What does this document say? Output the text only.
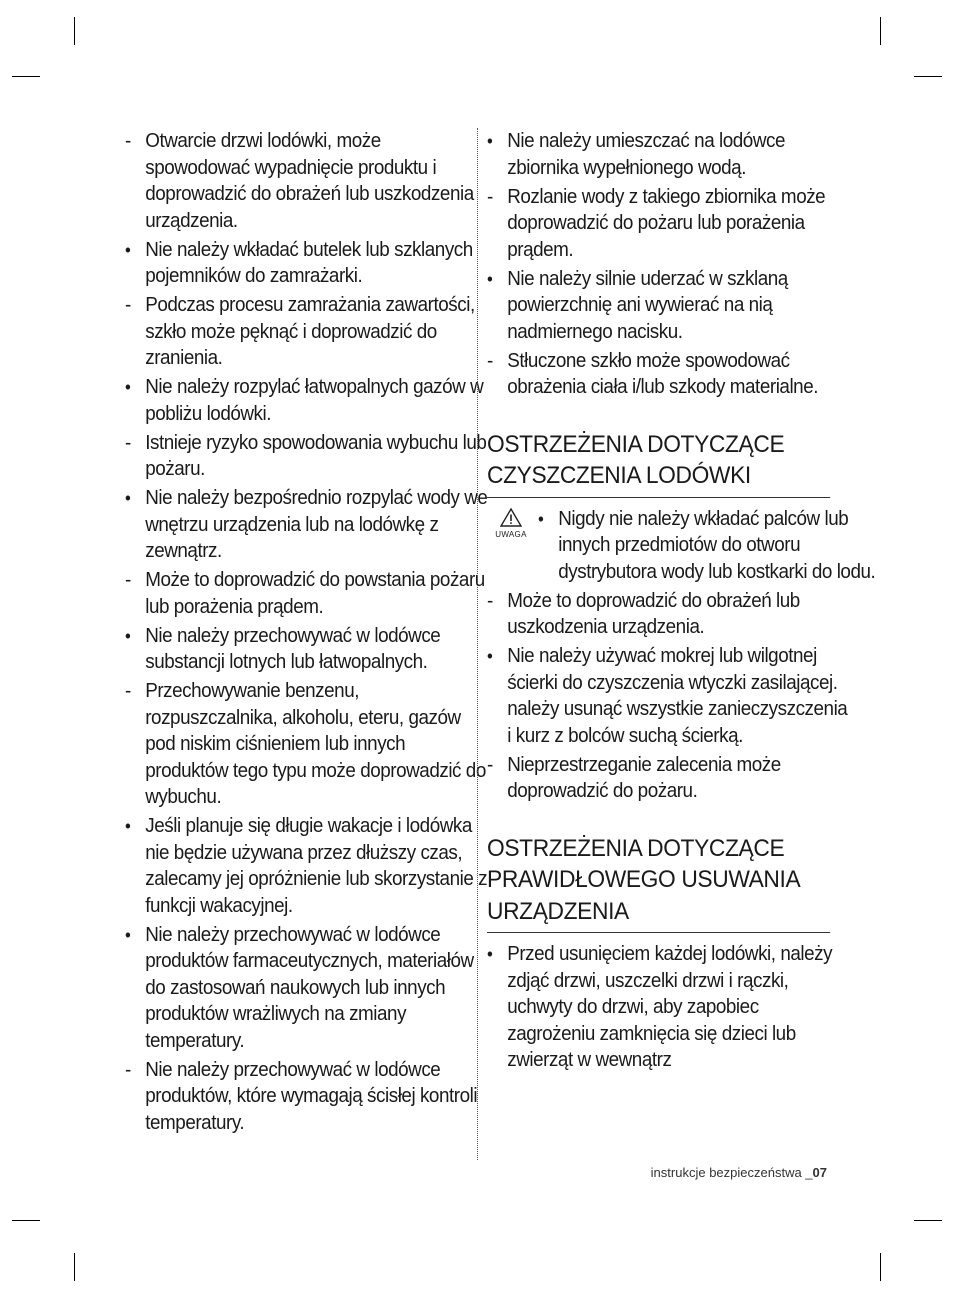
- Otwarcie drzwi lodówki, może spowodować wypadnięcie produktu i doprowadzić do obrażeń lub uszkodzenia urządzenia.
• Nie należy wkładać butelek lub szklanych pojemników do zamrażarki.
- Podczas procesu zamrażania zawartości, szkło może pęknąć i doprowadzić do zranienia.
• Nie należy rozpylać łatwopalnych gazów w pobliżu lodówki.
- Istnieje ryzyko spowodowania wybuchu lub pożaru.
• Nie należy bezpośrednio rozpylać wody we wnętrzu urządzenia lub na lodówkę z zewnątrz.
- Może to doprowadzić do powstania pożaru lub porażenia prądem.
• Nie należy przechowywać w lodówce substancji lotnych lub łatwopalnych.
- Przechowywanie benzenu, rozpuszczalnika, alkoholu, eteru, gazów pod niskim ciśnieniem lub innych produktów tego typu może doprowadzić do wybuchu.
• Jeśli planuje się długie wakacje i lodówka nie będzie używana przez dłuższy czas, zalecamy jej opróżnienie lub skorzystanie z funkcji wakacyjnej.
• Nie należy przechowywać w lodówce produktów farmaceutycznych, materiałów do zastosowań naukowych lub innych produktów wrażliwych na zmiany temperatury.
- Nie należy przechowywać w lodówce produktów, które wymagają ścisłej kontroli temperatury.
• Nie należy umieszczać na lodówce zbiornika wypełnionego wodą.
- Rozlanie wody z takiego zbiornika może doprowadzić do pożaru lub porażenia prądem.
• Nie należy silnie uderzać w szklaną powierzchnię ani wywierać na nią nadmiernego nacisku.
- Stłuczone szkło może spowodować obrażenia ciała i/lub szkody materialne.
OSTRZEŻENIA DOTYCZĄCE CZYSZCZENIA LODÓWKI
UWAGA
• Nigdy nie należy wkładać palców lub innych przedmiotów do otworu dystrybutora wody lub kostkarki do lodu.
- Może to doprowadzić do obrażeń lub uszkodzenia urządzenia.
• Nie należy używać mokrej lub wilgotnej ścierki do czyszczenia wtyczki zasilającej. należy usunąć wszystkie zanieczyszczenia i kurz z bolców suchą ścierką.
- Nieprzestrzeganie zalecenia może doprowadzić do pożaru.
OSTRZEŻENIA DOTYCZĄCE PRAWIDŁOWEGO USUWANIA URZĄDZENIA
• Przed usunięciem każdej lodówki, należy zdjąć drzwi, uszczelki drzwi i rączki, uchwyty do drzwi, aby zapobiec zagrożeniu zamknięcia się dzieci lub zwierząt w wewnątrz
instrukcje bezpieczeństwa _07
